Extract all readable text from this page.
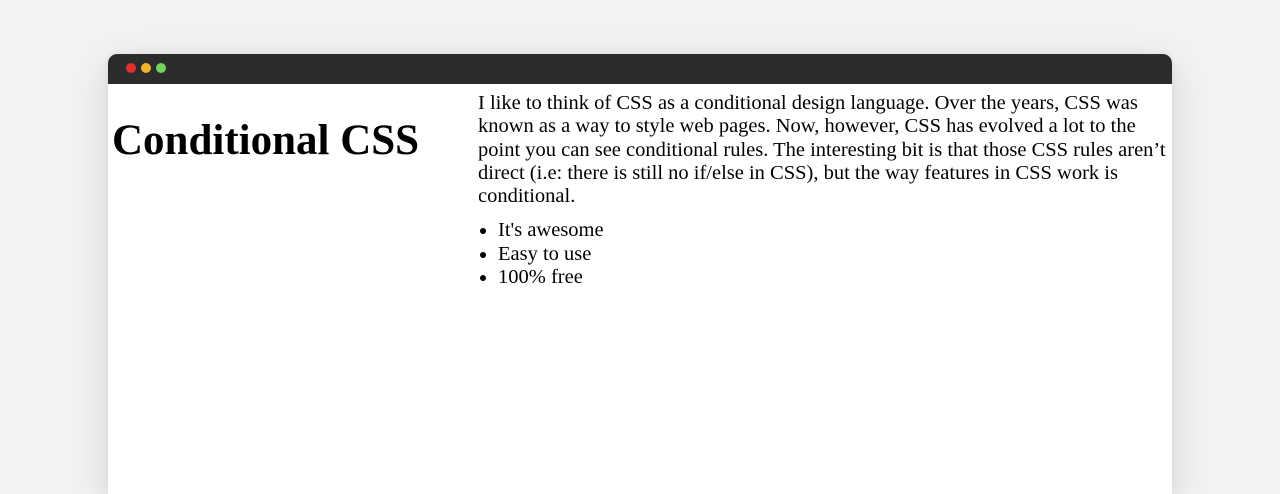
Conditional CSS

I like to think of CSS as a conditional design language. Over the years, CSS was known as a way to style web pages. Now, however, CSS has evolved a lot to the point you can see conditional rules. The interesting bit is that those CSS rules aren’t direct (i.e: there is still no if/else in CSS), but the way features in CSS work is conditional.

• It's awesome
• Easy to use
• 100% free
